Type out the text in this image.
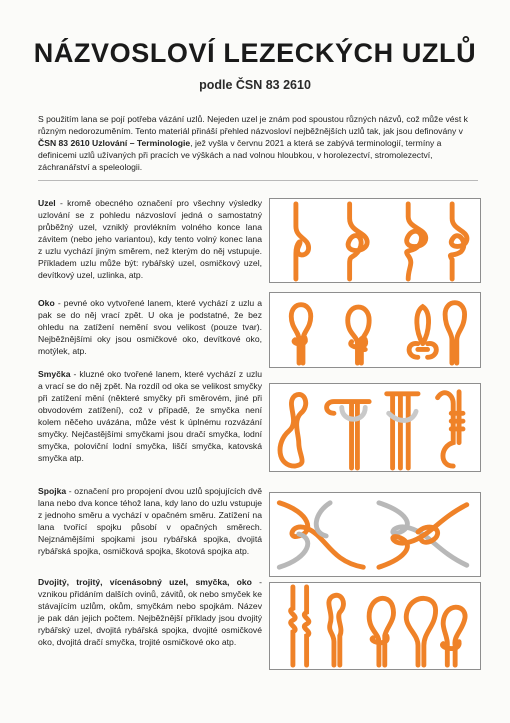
NÁZVOSLOVÍ LEZECKÝCH UZLŮ
podle ČSN 83 2610
S použitím lana se pojí potřeba vázání uzlů. Nejeden uzel je znám pod spoustou různých názvů, což může vést k různým nedorozuměním. Tento materiál přináší přehled názvosloví nejběžnějších uzlů tak, jak jsou definovány v ČSN 83 2610 Uzlování – Terminologie, jež vyšla v červnu 2021 a která se zabývá terminologií, termíny a definicemi uzlů užívaných při pracích ve výškách a nad volnou hloubkou, v horolezectví, stromolezectví, záchranářství a speleologii.
Uzel - kromě obecného označení pro všechny výsledky uzlování se z pohledu názvosloví jedná o samostatný průběžný uzel, vzniklý provlékním volného konce lana závitem (nebo jeho variantou), kdy tento volný konec lana z uzlu vychází jiným směrem, než kterým do něj vstupuje. Příkladem uzlu může být: rybářský uzel, osmičkový uzel, devítkový uzel, uzlinka, atp.
Oko - pevné oko vytvořené lanem, které vychází z uzlu a pak se do něj vrací zpět. U oka je podstatné, že bez ohledu na zatížení nemění svou velikost (pouze tvar). Nejběžnějšími oky jsou osmičkové oko, devítkové oko, motýlek, atp.
Smyčka - kluzné oko tvořené lanem, které vychází z uzlu a vrací se do něj zpět. Na rozdíl od oka se velikost smyčky při zatížení mění (některé smyčky při směrovém, jiné při obvodovém zatížení), což v případě, že smyčka není kolem něčeho uvázána, může vést k úplnému rozvázání smyčky. Nejčastějšími smyčkami jsou dračí smyčka, lodní smyčka, poloviční lodní smyčka, liščí smyčka, katovská smyčka atp.
Spojka - označení pro propojení dvou uzlů spojujících dvě lana nebo dva konce téhož lana, kdy lano do uzlu vstupuje z jednoho směru a vychází v opačném směru. Zatížení na lana tvořící spojku působí v opačných směrech. Nejznámějšími spojkami jsou rybářská spojka, dvojitá rybářská spojka, osmičková spojka, škotová spojka atp.
Dvojitý, trojitý, vícenásobný uzel, smyčka, oko - vznikou přidáním dalších ovinů, závitů, ok nebo smyček ke stávajícím uzlům, okům, smyčkám nebo spojkám. Název je pak dán jejich počtem. Nejběžnější příklady jsou dvojitý rybářský uzel, dvojitá rybářská spojka, dvojité osmičkové oko, dvojitá dračí smyčka, trojité osmičkové oko atp.
